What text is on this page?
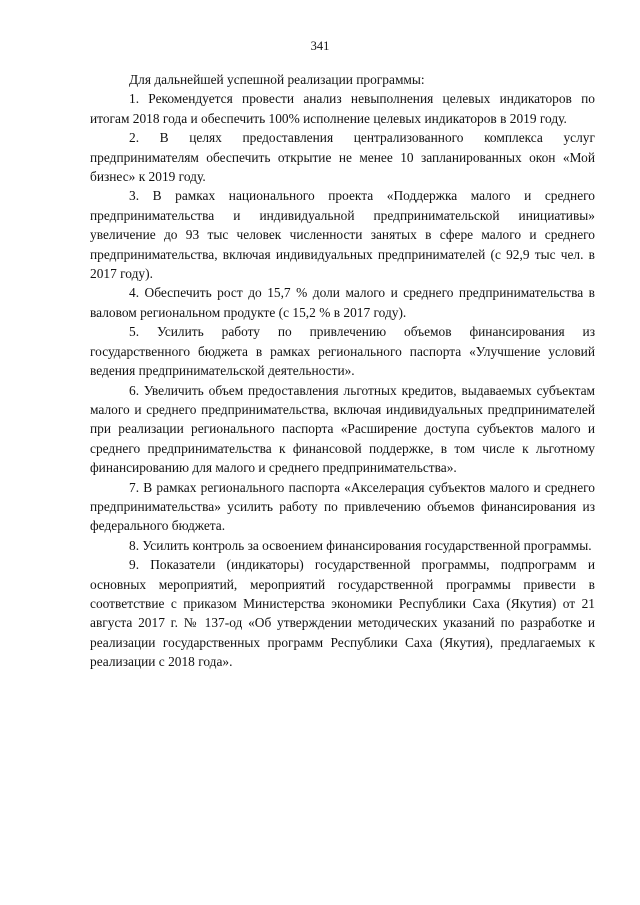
341

Для дальнейшей успешной реализации программы:

1. Рекомендуется провести анализ невыполнения целевых индикаторов по итогам 2018 года и обеспечить 100% исполнение целевых индикаторов в 2019 году.

2. В целях предоставления централизованного комплекса услуг предпринимателям обеспечить открытие не менее 10 запланированных окон «Мой бизнес» к 2019 году.

3. В рамках национального проекта «Поддержка малого и среднего предпринимательства и индивидуальной предпринимательской инициативы» увеличение до 93 тыс человек численности занятых в сфере малого и среднего предпринимательства, включая индивидуальных предпринимателей (с 92,9 тыс чел. в 2017 году).

4. Обеспечить рост до 15,7 % доли малого и среднего предпринимательства в валовом региональном продукте (с 15,2 % в 2017 году).

5. Усилить работу по привлечению объемов финансирования из государственного бюджета в рамках регионального паспорта «Улучшение условий ведения предпринимательской деятельности».

6. Увеличить объем предоставления льготных кредитов, выдаваемых субъектам малого и среднего предпринимательства, включая индивидуальных предпринимателей при реализации регионального паспорта «Расширение доступа субъектов малого и среднего предпринимательства к финансовой поддержке, в том числе к льготному финансированию для малого и среднего предпринимательства».

7. В рамках регионального паспорта «Акселерация субъектов малого и среднего предпринимательства» усилить работу по привлечению объемов финансирования из федерального бюджета.

8. Усилить контроль за освоением финансирования государственной программы.

9. Показатели (индикаторы) государственной программы, подпрограмм и основных мероприятий, мероприятий государственной программы привести в соответствие с приказом Министерства экономики Республики Саха (Якутия) от 21 августа 2017 г. № 137-од «Об утверждении методических указаний по разработке и реализации государственных программ Республики Саха (Якутия), предлагаемых к реализации с 2018 года».
